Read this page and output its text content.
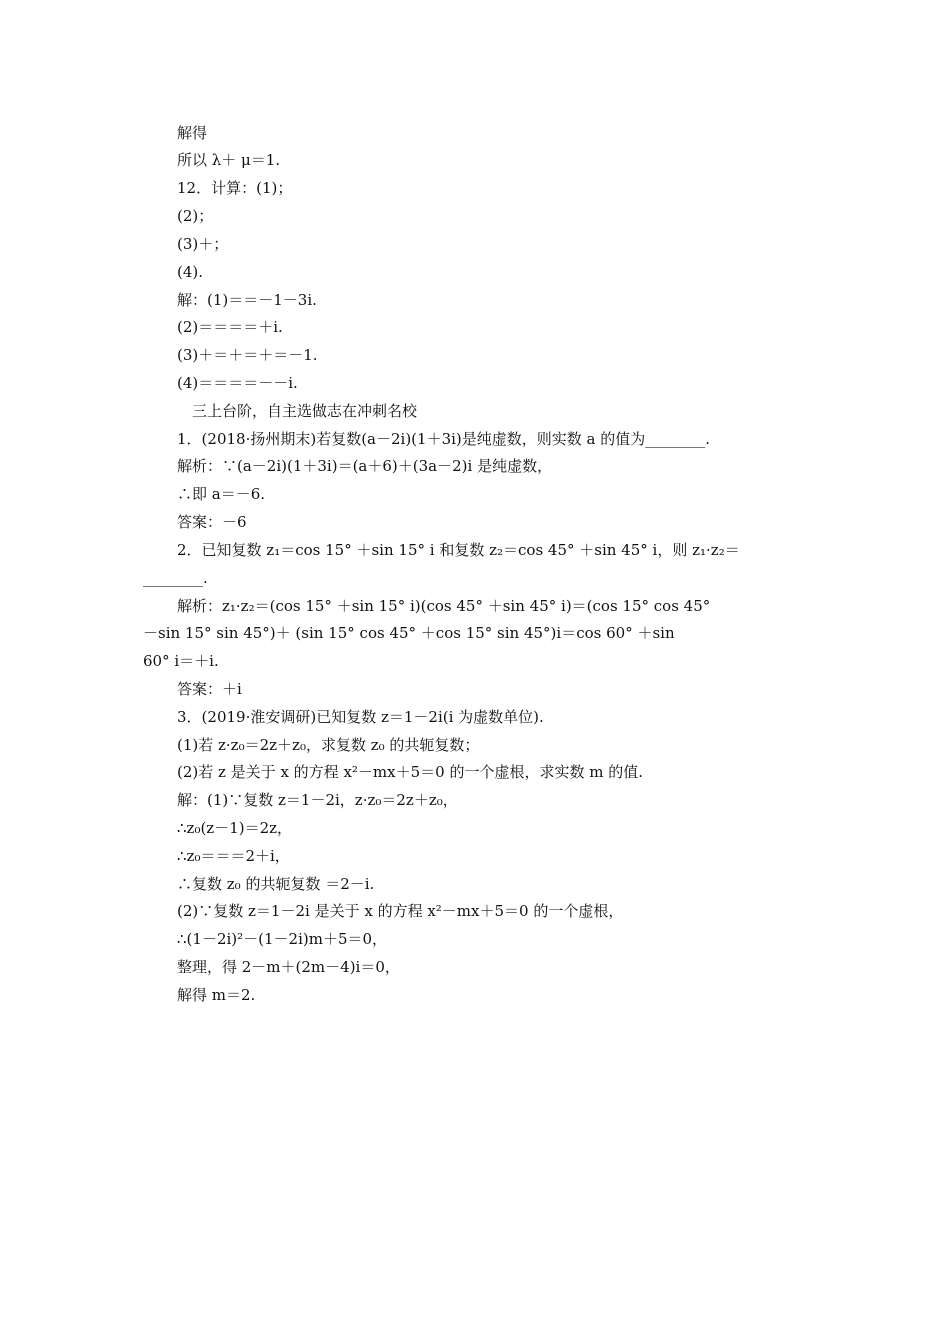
解得
所以 λ＋ μ＝1.
12．计算：(1)；
(2)；
(3)＋；
(4).
解：(1)＝＝－1－3i.
(2)＝＝＝＝＋i.
(3)＋＝＋＝＋＝－1.
(4)＝＝＝＝－－i.
三上台阶，自主选做志在冲刺名校
1．(2018·扬州期末)若复数(a－2i)(1＋3i)是纯虚数，则实数 a 的值为________.
解析：∵(a－2i)(1＋3i)＝(a＋6)＋(3a－2)i 是纯虚数，
∴即 a＝－6.
答案：－6
2．已知复数 z₁＝cos 15° ＋sin 15° i 和复数 z₂＝cos 45° ＋sin 45° i，则 z₁·z₂＝
________.
解析：z₁·z₂＝(cos 15° ＋sin 15° i)(cos 45° ＋sin 45° i)＝(cos 15° cos 45°
－sin 15° sin 45°)＋ (sin 15° cos 45° ＋cos 15° sin 45°)i＝cos 60° ＋sin
60° i＝＋i.
答案：＋i
3．(2019·淮安调研)已知复数 z＝1－2i(i 为虚数单位).
(1)若 z·z₀＝2z＋z₀，求复数 z₀ 的共轭复数；
(2)若 z 是关于 x 的方程 x²－mx＋5＝0 的一个虚根，求实数 m 的值.
解：(1)∵复数 z＝1－2i，z·z₀＝2z＋z₀，
∴z₀(z－1)＝2z，
∴z₀＝＝＝2＋i，
∴复数 z₀ 的共轭复数 ＝2－i.
(2)∵复数 z＝1－2i 是关于 x 的方程 x²－mx＋5＝0 的一个虚根，
∴(1－2i)²－(1－2i)m＋5＝0，
整理，得 2－m＋(2m－4)i＝0，
解得 m＝2.
